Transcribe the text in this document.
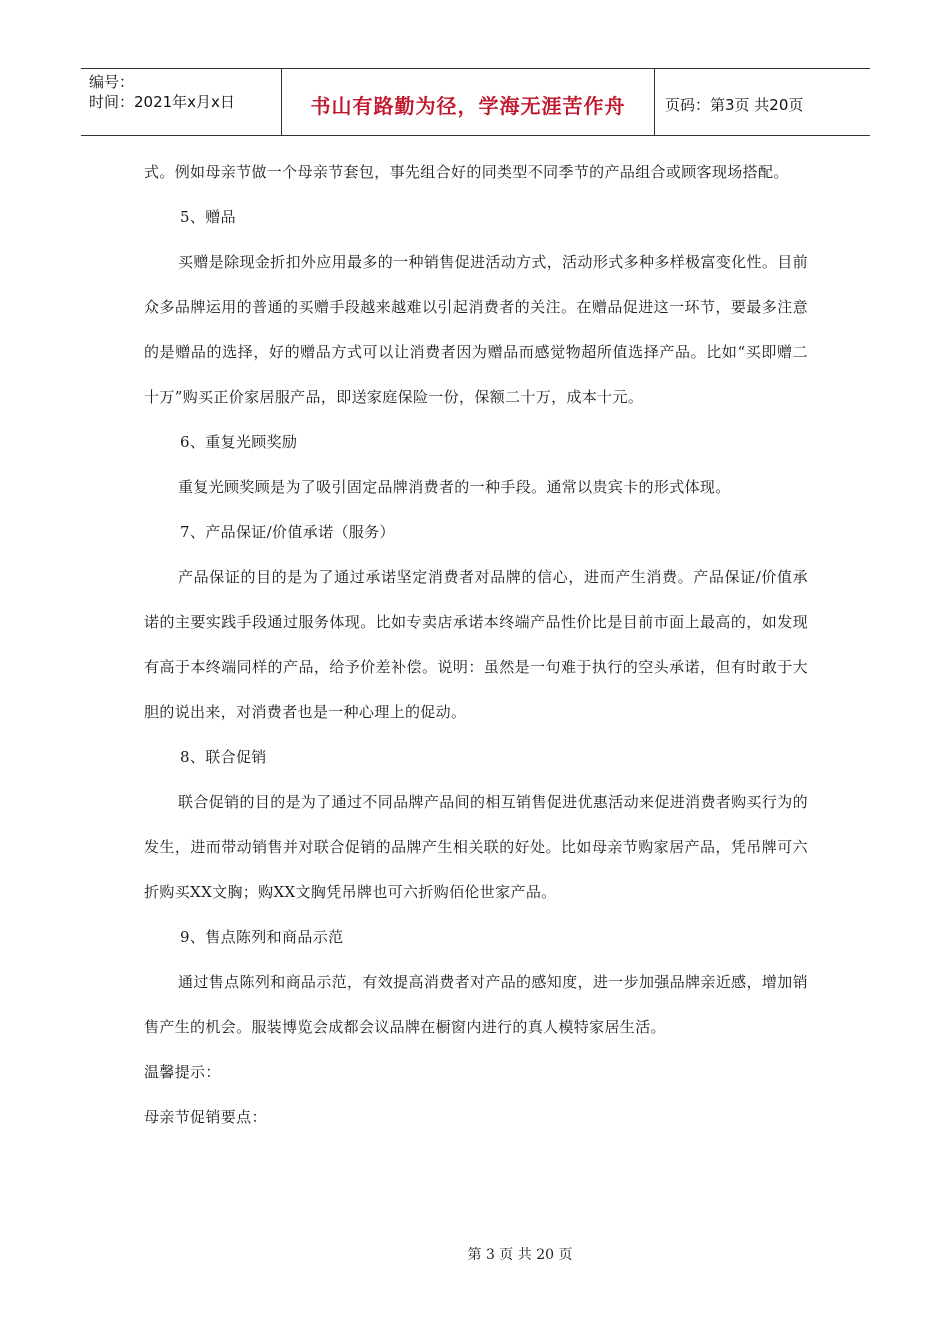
编号：
时间：2021年x月x日	书山有路勤为径，学海无涯苦作舟	页码：第3页 共20页

式。例如母亲节做一个母亲节套包，事先组合好的同类型不同季节的产品组合或顾客现场搭配。

5、赠品

买赠是除现金折扣外应用最多的一种销售促进活动方式，活动形式多种多样极富变化性。目前众多品牌运用的普通的买赠手段越来越难以引起消费者的关注。在赠品促进这一环节，要最多注意的是赠品的选择，好的赠品方式可以让消费者因为赠品而感觉物超所值选择产品。比如“买即赠二十万”购买正价家居服产品，即送家庭保险一份，保额二十万，成本十元。

6、重复光顾奖励

重复光顾奖顾是为了吸引固定品牌消费者的一种手段。通常以贵宾卡的形式体现。

7、产品保证/价值承诺（服务）

产品保证的目的是为了通过承诺坚定消费者对品牌的信心，进而产生消费。产品保证/价值承诺的主要实践手段通过服务体现。比如专卖店承诺本终端产品性价比是目前市面上最高的，如发现有高于本终端同样的产品，给予价差补偿。说明：虽然是一句难于执行的空头承诺，但有时敢于大胆的说出来，对消费者也是一种心理上的促动。

8、联合促销

联合促销的目的是为了通过不同品牌产品间的相互销售促进优惠活动来促进消费者购买行为的发生，进而带动销售并对联合促销的品牌产生相关联的好处。比如母亲节购家居产品，凭吊牌可六折购买XX文胸；购XX文胸凭吊牌也可六折购佰伦世家产品。

9、售点陈列和商品示范

通过售点陈列和商品示范，有效提高消费者对产品的感知度，进一步加强品牌亲近感，增加销售产生的机会。服装博览会成都会议品牌在橱窗内进行的真人模特家居生活。

温馨提示：

母亲节促销要点：

第 3 页 共 20 页
